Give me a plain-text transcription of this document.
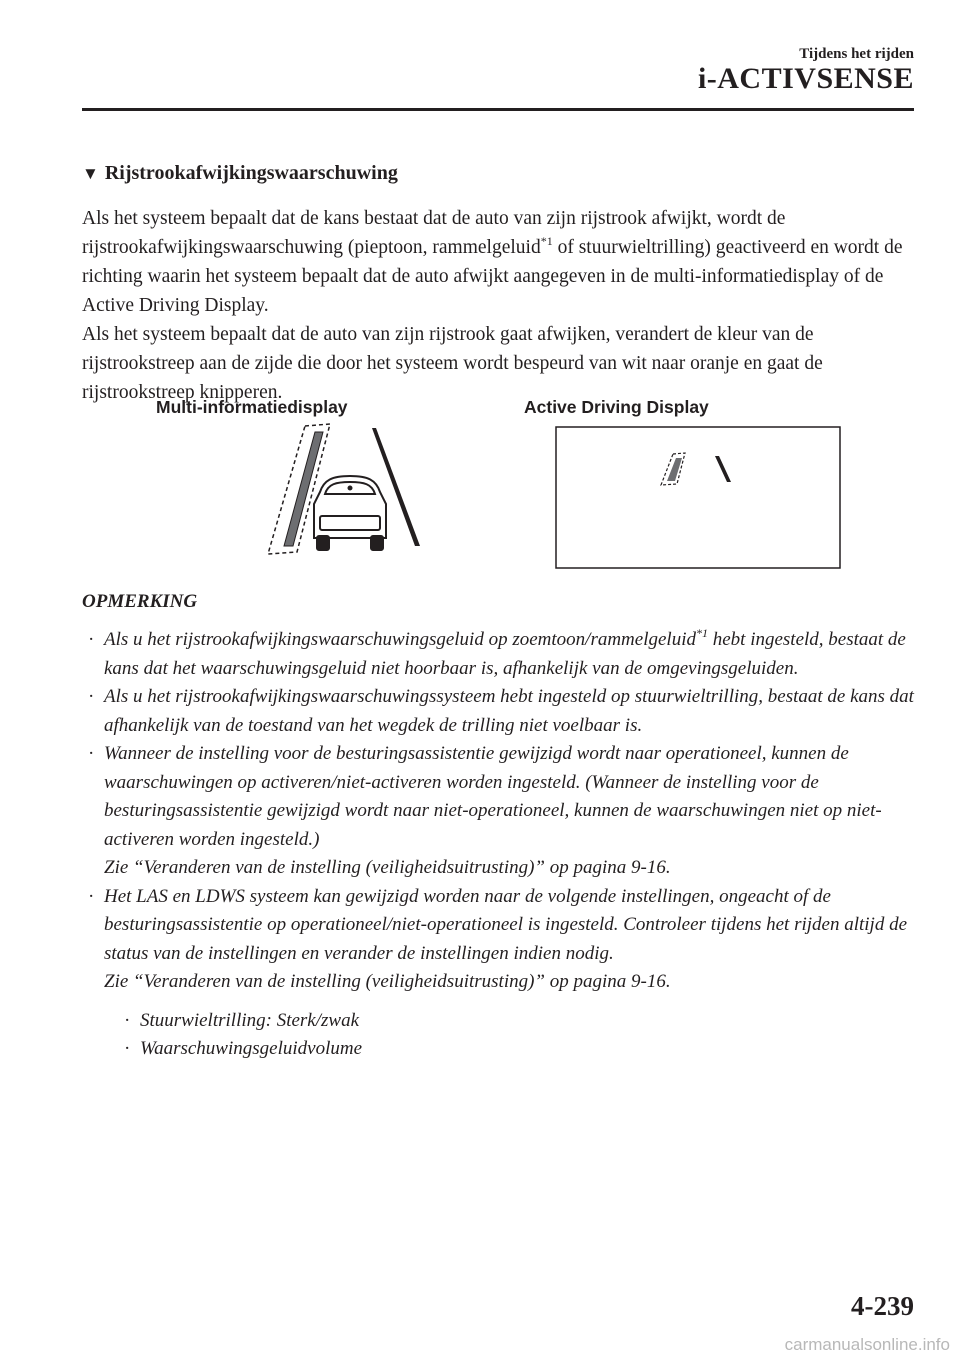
Tijdens het rijden
i-ACTIVSENSE
▼ Rijstrookafwijkingswaarschuwing

Als het systeem bepaalt dat de kans bestaat dat de auto van zijn rijstrook afwijkt, wordt de rijstrookafwijkingswaarschuwing (pieptoon, rammelgeluid$^{*1}$ of stuurwieltrilling) geactiveerd en wordt de richting waarin het systeem bepaalt dat de auto afwijkt aangegeven in de multi-informatiedisplay of de Active Driving Display.

Als het systeem bepaalt dat de auto van zijn rijstrook gaat afwijken, verandert de kleur van de rijstrookstreep aan de zijde die door het systeem wordt bespeurd van wit naar oranje en gaat de rijstrookstreep knipperen.

Multi-informatiedisplay	Active Driving Display
OPMERKING
· Als u het rijstrookafwijkingswaarschuwingsgeluid op zoemtoon/rammelgeluid$^{*1}$ hebt ingesteld, bestaat de kans dat het waarschuwingsgeluid niet hoorbaar is, afhankelijk van de omgevingsgeluiden.
· Als u het rijstrookafwijkingswaarschuwingssysteem hebt ingesteld op stuurwieltrilling, bestaat de kans dat afhankelijk van de toestand van het wegdek de trilling niet voelbaar is.
· Wanneer de instelling voor de besturingsassistentie gewijzigd wordt naar operationeel, kunnen de waarschuwingen op activeren/niet-activeren worden ingesteld. (Wanneer de instelling voor de besturingsassistentie gewijzigd wordt naar niet-operationeel, kunnen de waarschuwingen niet op niet-activeren worden ingesteld.)
Zie “Veranderen van de instelling (veiligheidsuitrusting)” op pagina 9-16.
· Het LAS en LDWS systeem kan gewijzigd worden naar de volgende instellingen, ongeacht of de besturingsassistentie op operationeel/niet-operationeel is ingesteld. Controleer tijdens het rijden altijd de status van de instellingen en verander de instellingen indien nodig.
Zie “Veranderen van de instelling (veiligheidsuitrusting)” op pagina 9-16.
· Stuurwieltrilling: Sterk/zwak
· Waarschuwingsgeluidvolume
4-239
carmanualsonline.info
